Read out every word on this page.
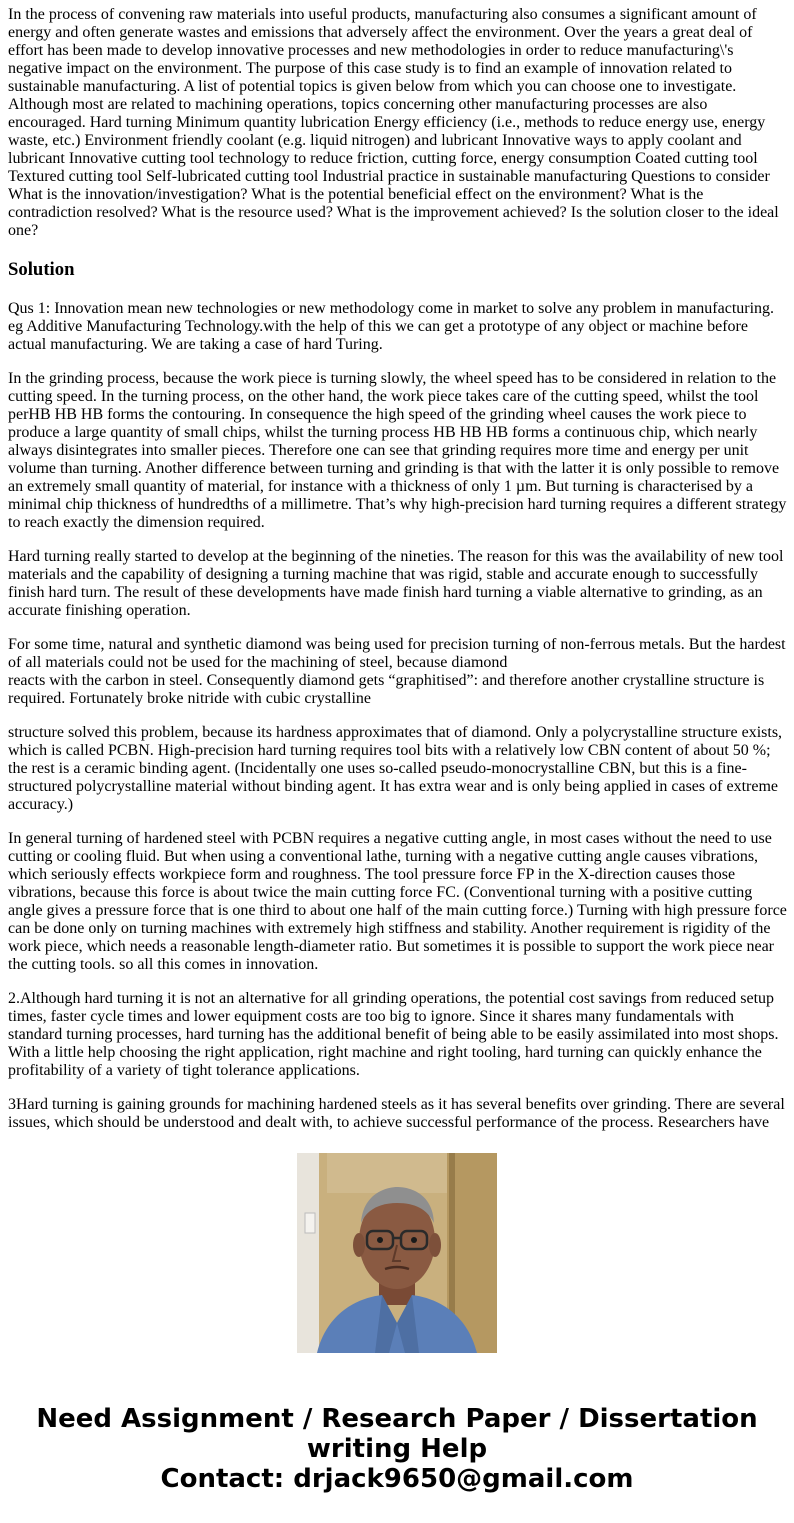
In the process of convening raw materials into useful products, manufacturing also consumes a significant amount of energy and often generate wastes and emissions that adversely affect the environment. Over the years a great deal of effort has been made to develop innovative processes and new methodologies in order to reduce manufacturing\'s negative impact on the environment. The purpose of this case study is to find an example of innovation related to sustainable manufacturing. A list of potential topics is given below from which you can choose one to investigate. Although most are related to machining operations, topics concerning other manufacturing processes are also encouraged. Hard turning Minimum quantity lubrication Energy efficiency (i.e., methods to reduce energy use, energy waste, etc.) Environment friendly coolant (e.g. liquid nitrogen) and lubricant Innovative ways to apply coolant and lubricant Innovative cutting tool technology to reduce friction, cutting force, energy consumption Coated cutting tool Textured cutting tool Self-lubricated cutting tool Industrial practice in sustainable manufacturing Questions to consider What is the innovation/investigation? What is the potential beneficial effect on the environment? What is the contradiction resolved? What is the resource used? What is the improvement achieved? Is the solution closer to the ideal one?

Solution

Qus 1: Innovation mean new technologies or new methodology come in market to solve any problem in manufacturing. eg Additive Manufacturing Technology.with the help of this we can get a prototype of any object or machine before actual manufacturing. We are taking a case of hard Turing.

In the grinding process, because the work piece is turning slowly, the wheel speed has to be considered in relation to the cutting speed. In the turning process, on the other hand, the work piece takes care of the cutting speed, whilst the tool perHB HB HB forms the contouring. In consequence the high speed of the grinding wheel causes the work piece to produce a large quantity of small chips, whilst the turning process HB HB HB forms a continuous chip, which nearly always disintegrates into smaller pieces. Therefore one can see that grinding requires more time and energy per unit volume than turning. Another difference between turning and grinding is that with the latter it is only possible to remove an extremely small quantity of material, for instance with a thickness of only 1 µm. But turning is characterised by a minimal chip thickness of hundredths of a millimetre. That’s why high-precision hard turning requires a different strategy to reach exactly the dimension required.

Hard turning really started to develop at the beginning of the nineties. The reason for this was the availability of new tool materials and the capability of designing a turning machine that was rigid, stable and accurate enough to successfully finish hard turn. The result of these developments have made finish hard turning a viable alternative to grinding, as an accurate finishing operation.

For some time, natural and synthetic diamond was being used for precision turning of non-ferrous metals. But the hardest of all materials could not be used for the machining of steel, because diamond
reacts with the carbon in steel. Consequently diamond gets “graphitised”: and therefore another crystalline structure is required. Fortunately broke nitride with cubic crystalline

structure solved this problem, because its hardness approximates that of diamond. Only a polycrystalline structure exists, which is called PCBN. High-precision hard turning requires tool bits with a relatively low CBN content of about 50 %; the rest is a ceramic binding agent. (Incidentally one uses so-called pseudo-monocrystalline CBN, but this is a fine-structured polycrystalline material without binding agent. It has extra wear and is only being applied in cases of extreme accuracy.)

In general turning of hardened steel with PCBN requires a negative cutting angle, in most cases without the need to use cutting or cooling fluid. But when using a conventional lathe, turning with a negative cutting angle causes vibrations, which seriously effects workpiece form and roughness. The tool pressure force FP in the X-direction causes those vibrations, because this force is about twice the main cutting force FC. (Conventional turning with a positive cutting angle gives a pressure force that is one third to about one half of the main cutting force.) Turning with high pressure force can be done only on turning machines with extremely high stiffness and stability. Another requirement is rigidity of the work piece, which needs a reasonable length-diameter ratio. But sometimes it is possible to support the work piece near the cutting tools. so all this comes in innovation.

2.Although hard turning it is not an alternative for all grinding operations, the potential cost savings from reduced setup times, faster cycle times and lower equipment costs are too big to ignore. Since it shares many fundamentals with standard turning processes, hard turning has the additional benefit of being able to be easily assimilated into most shops. With a little help choosing the right application, right machine and right tooling, hard turning can quickly enhance the profitability of a variety of tight tolerance applications.

3Hard turning is gaining grounds for machining hardened steels as it has several benefits over grinding. There are several issues, which should be understood and dealt with, to achieve successful performance of the process. Researchers have

Need Assignment / Research Paper / Dissertation
writing Help
Contact: drjack9650@gmail.com
